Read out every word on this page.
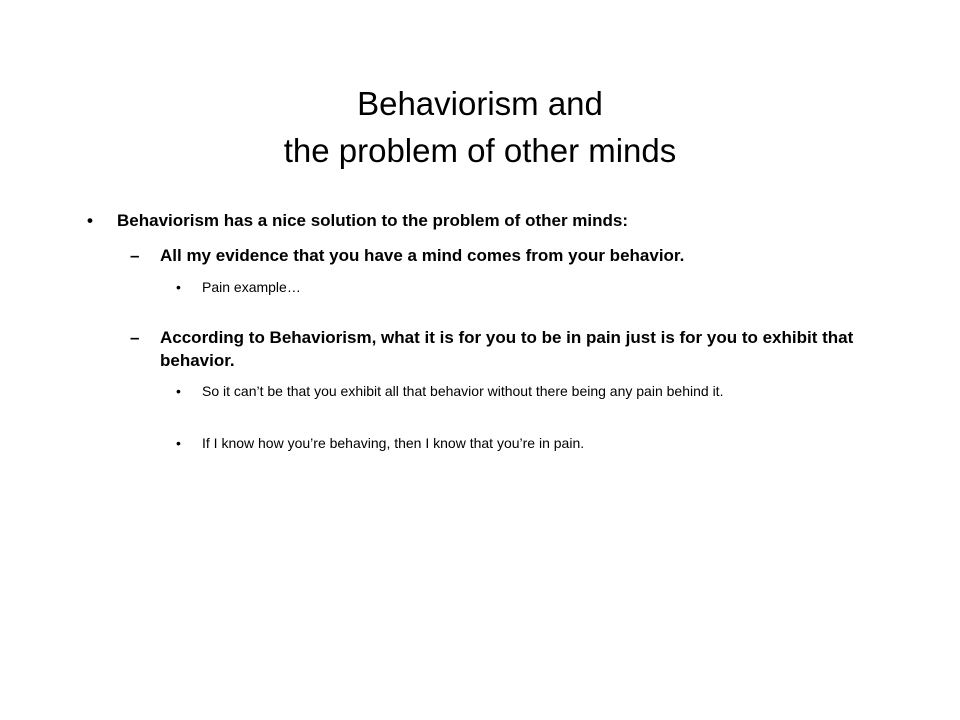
Behaviorism and
the problem of other minds
• Behaviorism has a nice solution to the problem of other minds:
– All my evidence that you have a mind comes from your behavior.
• Pain example…
– According to Behaviorism, what it is for you to be in pain just is for you to exhibit that behavior.
• So it can’t be that you exhibit all that behavior without there being any pain behind it.
• If I know how you’re behaving, then I know that you’re in pain.
